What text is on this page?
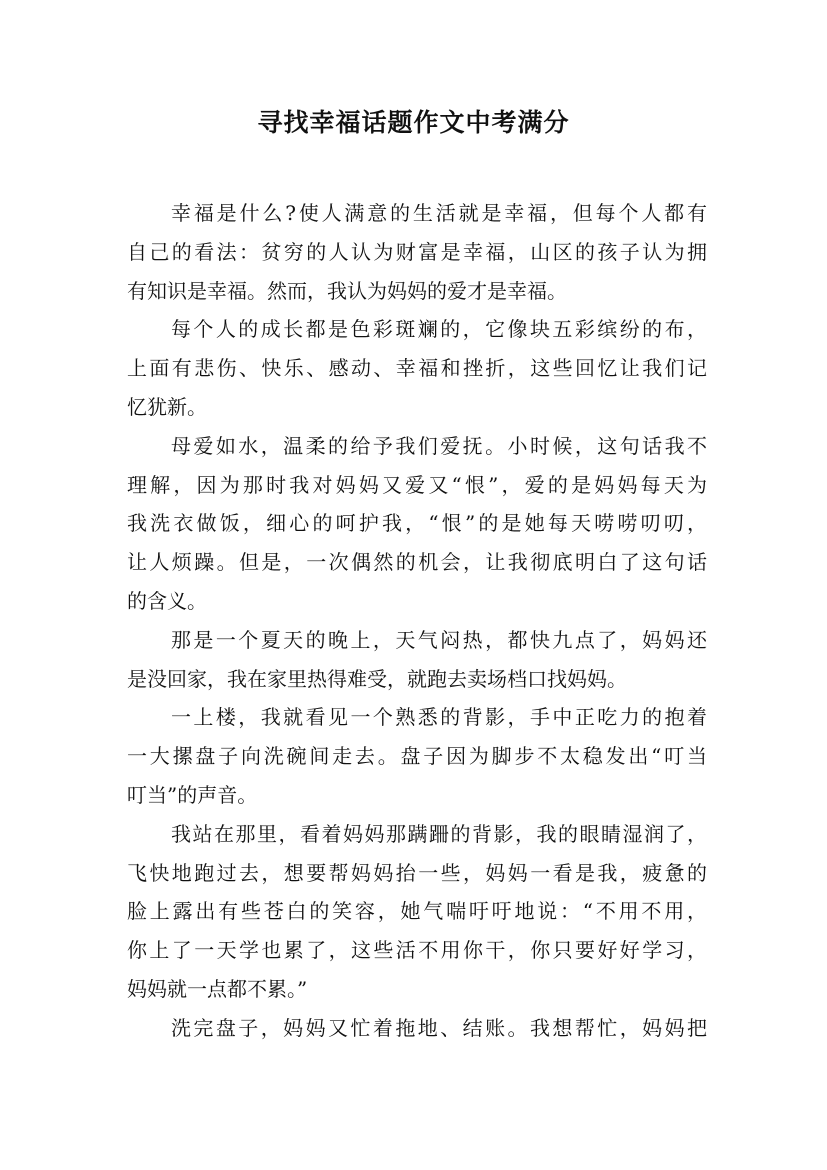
寻找幸福话题作文中考满分
幸福是什么?使人满意的生活就是幸福，但每个人都有
自己的看法：贫穷的人认为财富是幸福，山区的孩子认为拥
有知识是幸福。然而，我认为妈妈的爱才是幸福。
每个人的成长都是色彩斑斓的，它像块五彩缤纷的布，
上面有悲伤、快乐、感动、幸福和挫折，这些回忆让我们记
忆犹新。
母爱如水，温柔的给予我们爱抚。小时候，这句话我不
理解，因为那时我对妈妈又爱又“恨”，爱的是妈妈每天为
我洗衣做饭，细心的呵护我，“恨”的是她每天唠唠叨叨，
让人烦躁。但是，一次偶然的机会，让我彻底明白了这句话
的含义。
那是一个夏天的晚上，天气闷热，都快九点了，妈妈还
是没回家，我在家里热得难受，就跑去卖场档口找妈妈。
一上楼，我就看见一个熟悉的背影，手中正吃力的抱着
一大摞盘子向洗碗间走去。盘子因为脚步不太稳发出“叮当
叮当”的声音。
我站在那里，看着妈妈那蹒跚的背影，我的眼睛湿润了，
飞快地跑过去，想要帮妈妈抬一些，妈妈一看是我，疲惫的
脸上露出有些苍白的笑容，她气喘吁吁地说：“不用不用，
你上了一天学也累了，这些活不用你干，你只要好好学习，
妈妈就一点都不累。”
洗完盘子，妈妈又忙着拖地、结账。我想帮忙，妈妈把
